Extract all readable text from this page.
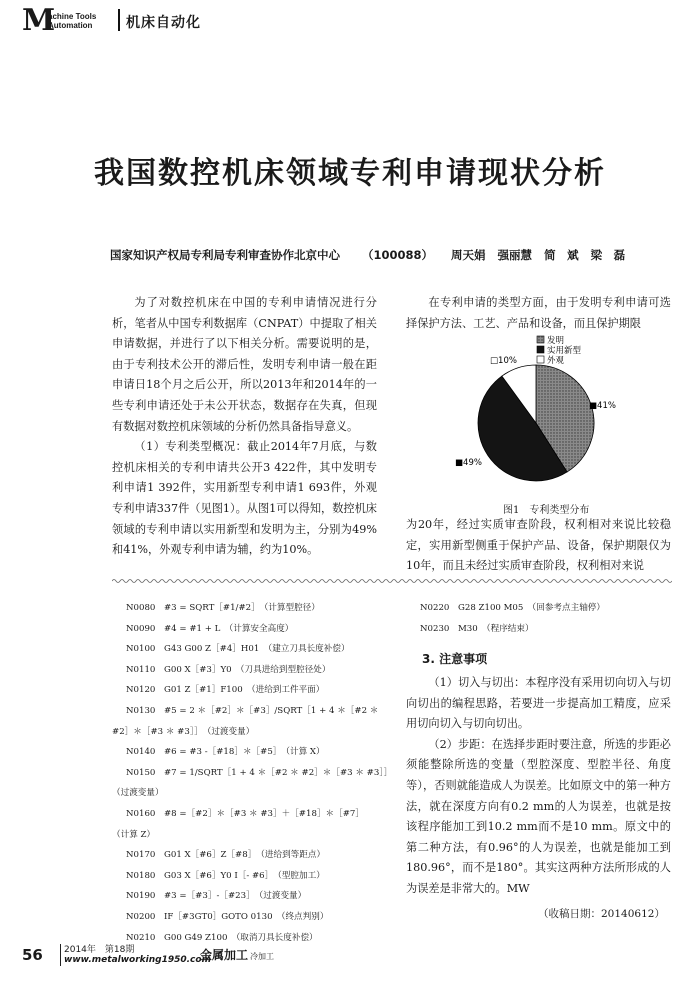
M
achine Tools
Automation 机床自动化
我国数控机床领域专利申请现状分析
国家知识产权局专利局专利审查协作北京中心 （100088） 周天娟 强丽慧 简　斌 梁　磊

为了对数控机床在中国的专利申请情况进行分析，笔者从中国专利数据库（CNPAT）中提取了相关申请数据，并进行了以下相关分析。需要说明的是，由于专利技术公开的滞后性，发明专利申请一般在距申请日18个月之后公开，所以2013年和2014年的一些专利申请还处于未公开状态，数据存在失真，但现有数据对数控机床领域的分析仍然具备指导意义。

（1）专利类型概况：截止2014年7月底，与数控机床相关的专利申请共公开3 422件，其中发明专利申请1 392件，实用新型专利申请1 693件，外观专利申请337件（见图1）。从图1可以得知，数控机床领域的专利申请以实用新型和发明为主，分别为49%和41%，外观专利申请为辅，约为10%。

在专利申请的类型方面，由于发明专利申请可选择保护方法、工艺、产品和设备，而且保护期限

发明
实用新型
外观
□10%
■41%
■49%
图1　专利类型分布

为20年，经过实质审查阶段，权利相对来说比较稳定，实用新型侧重于保护产品、设备，保护期限仅为10年，而且未经过实质审查阶段，权利相对来说

N0080　#3 = SQRT［#1/#2］　（计算型腔径）
N0090　#4 = #1 + L　（计算安全高度）
N0100　G43 G00 Z［#4］H01　（建立刀具长度补偿）
N0110　G00 X［#3］Y0　（刀具进给到型腔径处）
N0120　G01 Z［#1］F100　（进给到工件平面）
N0130　#5 = 2 ＊［#2］＊［#3］/SQRT［1 + 4 ＊［#2 ＊
#2］＊［#3 ＊ #3］］　（过渡变量）
N0140　#6 = #3 -［#18］＊［#5］　（计算 X）
N0150　#7 = 1/SQRT［1 + 4 ＊［#2 ＊ #2］＊［#3 ＊ #3］］
（过渡变量）
N0160　#8 =［#2］＊［#3 ＊ #3］＋［#18］＊［#7］
（计算 Z）
N0170　G01 X［#6］Z［#8］　（进给到等距点）
N0180　G03 X［#6］Y0 I［- #6］　（型腔加工）
N0190　#3 =［#3］-［#23］　（过渡变量）
N0200　IF［#3GT0］GOTO 0130　（终点判别）
N0210　G00 G49 Z100　（取消刀具长度补偿）
N0220　G28 Z100 M05　（回参考点主轴停）
N0230　M30　（程序结束）
3. 注意事项

（1）切入与切出：本程序没有采用切向切入与切向切出的编程思路，若要进一步提高加工精度，应采用切向切入与切向切出。

（2）步距：在选择步距时要注意，所选的步距必须能整除所选的变量（型腔深度、型腔半径、角度等），否则就能造成人为误差。比如原文中的第一种方法，就在深度方向有0.2 mm的人为误差，也就是按该程序能加工到10.2 mm而不是10 mm。原文中的第二种方法，有0.96°的人为误差，也就是能加工到180.96°，而不是180°。其实这两种方法所形成的人为误差是非常大的。MW

（收稿日期：20140612）
56 2014年　第18期
www.metalworking1950.com
金属加工 冷加工
